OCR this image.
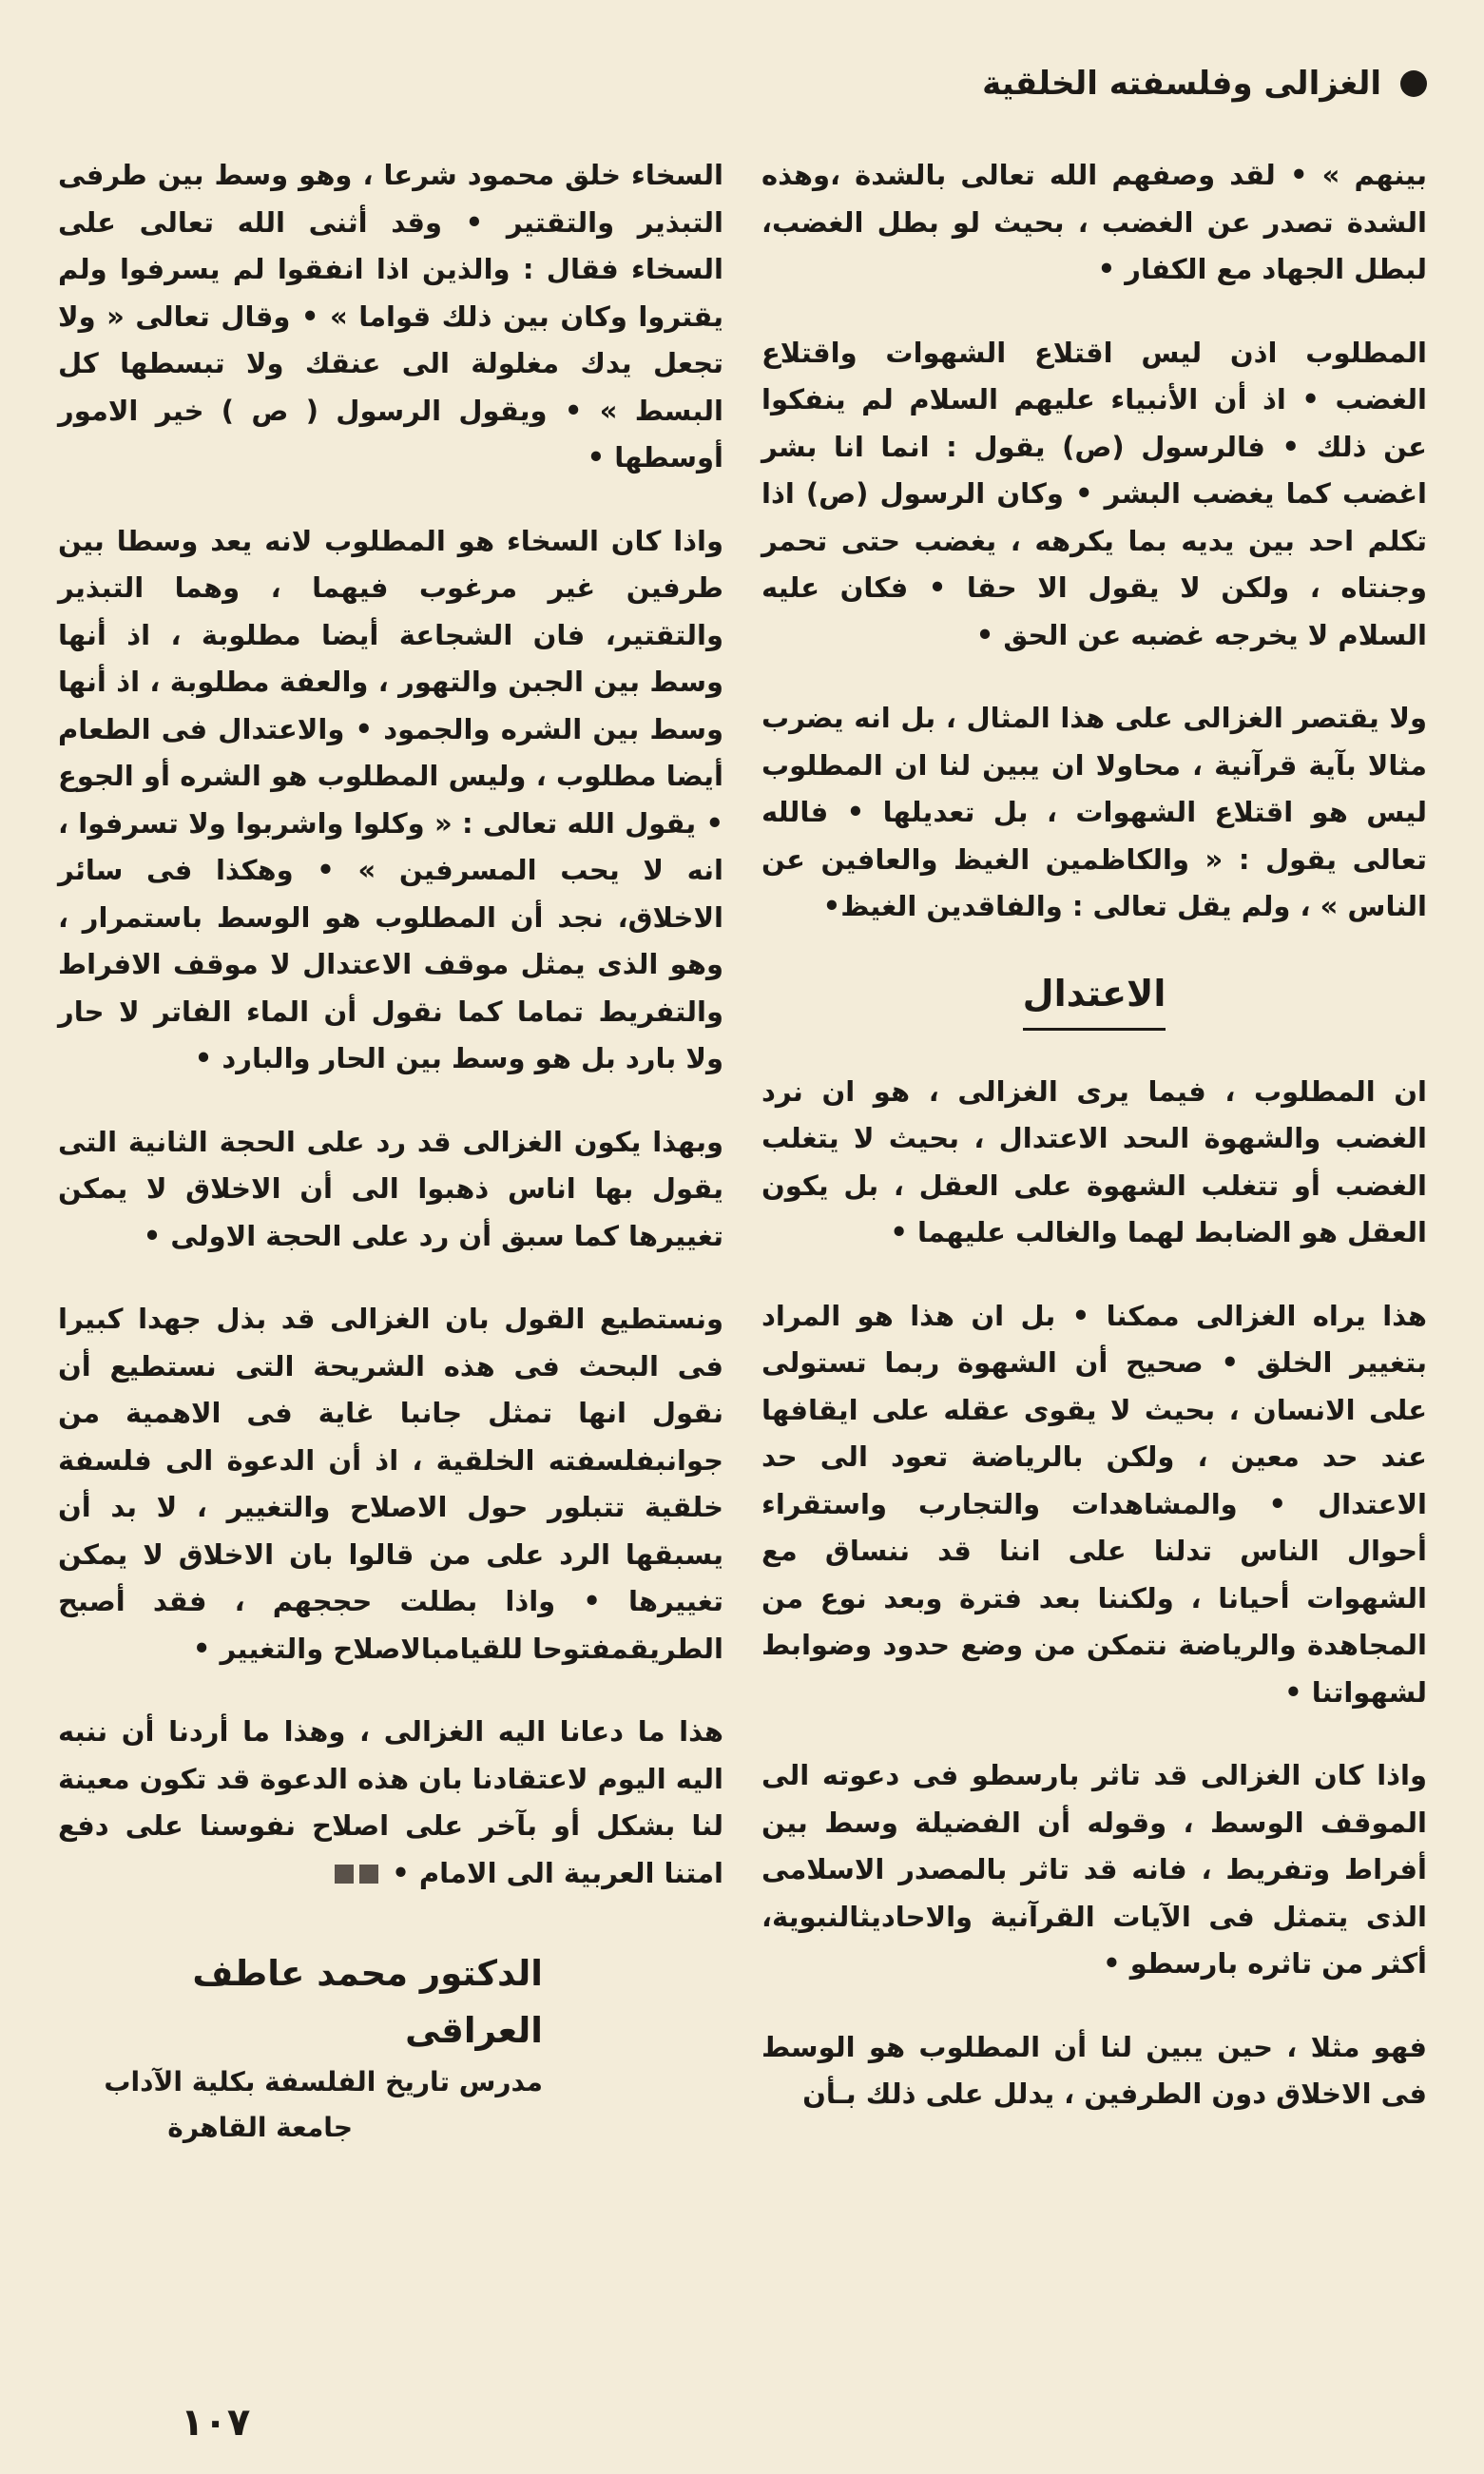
الغزالى وفلسفته الخلقية

بينهم » • لقد وصفهم الله تعالى بالشدة ،وهذه الشدة تصدر عن الغضب ، بحيث لو بطل الغضب، لبطل الجهاد مع الكفار •

المطلوب اذن ليس اقتلاع الشهوات واقتلاع الغضب • اذ أن الأنبياء عليهم السلام لم ينفكوا عن ذلك • فالرسول (ص) يقول : انما انا بشر اغضب كما يغضب البشر • وكان الرسول (ص) اذا تكلم احد بين يديه بما يكرهه ، يغضب حتى تحمر وجنتاه ، ولكن لا يقول الا حقا • فكان عليه السلام لا يخرجه غضبه عن الحق •

ولا يقتصر الغزالى على هذا المثال ، بل انه يضرب مثالا بآية قرآنية ، محاولا ان يبين لنا ان المطلوب ليس هو اقتلاع الشهوات ، بل تعديلها • فالله تعالى يقول : « والكاظمين الغيظ والعافين عن الناس » ، ولم يقل تعالى : والفاقدين الغيظ•

الاعتدال

ان المطلوب ، فيما يرى الغزالى ، هو ان نرد الغضب والشهوة الىحد الاعتدال ، بحيث لا يتغلب الغضب أو تتغلب الشهوة على العقل ، بل يكون العقل هو الضابط لهما والغالب عليهما •

هذا يراه الغزالى ممكنا • بل ان هذا هو المراد بتغيير الخلق • صحيح أن الشهوة ربما تستولى على الانسان ، بحيث لا يقوى عقله على ايقافها عند حد معين ، ولكن بالرياضة تعود الى حد الاعتدال • والمشاهدات والتجارب واستقراء أحوال الناس تدلنا على اننا قد ننساق مع الشهوات أحيانا ، ولكننا بعد فترة وبعد نوع من المجاهدة والرياضة نتمكن من وضع حدود وضوابط لشهواتنا •

واذا كان الغزالى قد تاثر بارسطو فى دعوته الى الموقف الوسط ، وقوله أن الفضيلة وسط بين أفراط وتفريط ، فانه قد تاثر بالمصدر الاسلامى الذى يتمثل فى الآيات القرآنية والاحاديثالنبوية، أكثر من تاثره بارسطو •

فهو مثلا ، حين يبين لنا أن المطلوب هو الوسط فى الاخلاق دون الطرفين ، يدلل على ذلك بـأن

السخاء خلق محمود شرعا ، وهو وسط بين طرفى التبذير والتقتير • وقد أثنى الله تعالى على السخاء فقال : والذين اذا انفقوا لم يسرفوا ولم يقتروا وكان بين ذلك قواما » • وقال تعالى « ولا تجعل يدك مغلولة الى عنقك ولا تبسطها كل البسط » • ويقول الرسول ( ص ) خير الامور أوسطها •

واذا كان السخاء هو المطلوب لانه يعد وسطا بين طرفين غير مرغوب فيهما ، وهما التبذير والتقتير، فان الشجاعة أيضا مطلوبة ، اذ أنها وسط بين الجبن والتهور ، والعفة مطلوبة ، اذ أنها وسط بين الشره والجمود • والاعتدال فى الطعام أيضا مطلوب ، وليس المطلوب هو الشره أو الجوع • يقول الله تعالى : « وكلوا واشربوا ولا تسرفوا ، انه لا يحب المسرفين » • وهكذا فى سائر الاخلاق، نجد أن المطلوب هو الوسط باستمرار ، وهو الذى يمثل موقف الاعتدال لا موقف الافراط والتفريط تماما كما نقول أن الماء الفاتر لا حار ولا بارد بل هو وسط بين الحار والبارد •

وبهذا يكون الغزالى قد رد على الحجة الثانية التى يقول بها اناس ذهبوا الى أن الاخلاق لا يمكن تغييرها كما سبق أن رد على الحجة الاولى •

ونستطيع القول بان الغزالى قد بذل جهدا كبيرا فى البحث فى هذه الشريحة التى نستطيع أن نقول انها تمثل جانبا غاية فى الاهمية من جوانبفلسفته الخلقية ، اذ أن الدعوة الى فلسفة خلقية تتبلور حول الاصلاح والتغيير ، لا بد أن يسبقها الرد على من قالوا بان الاخلاق لا يمكن تغييرها • واذا بطلت حججهم ، فقد أصبح الطريقمفتوحا للقيامبالاصلاح والتغيير •

هذا ما دعانا اليه الغزالى ، وهذا ما أردنا أن ننبه اليه اليوم لاعتقادنا بان هذه الدعوة قد تكون معينة لنا بشكل أو بآخر على اصلاح نفوسنا على دفع امتنا العربية الى الامام •

الدكتور محمد عاطف العراقى
مدرس تاريخ الفلسفة بكلية الآداب
جامعة القاهرة
١٠٧
